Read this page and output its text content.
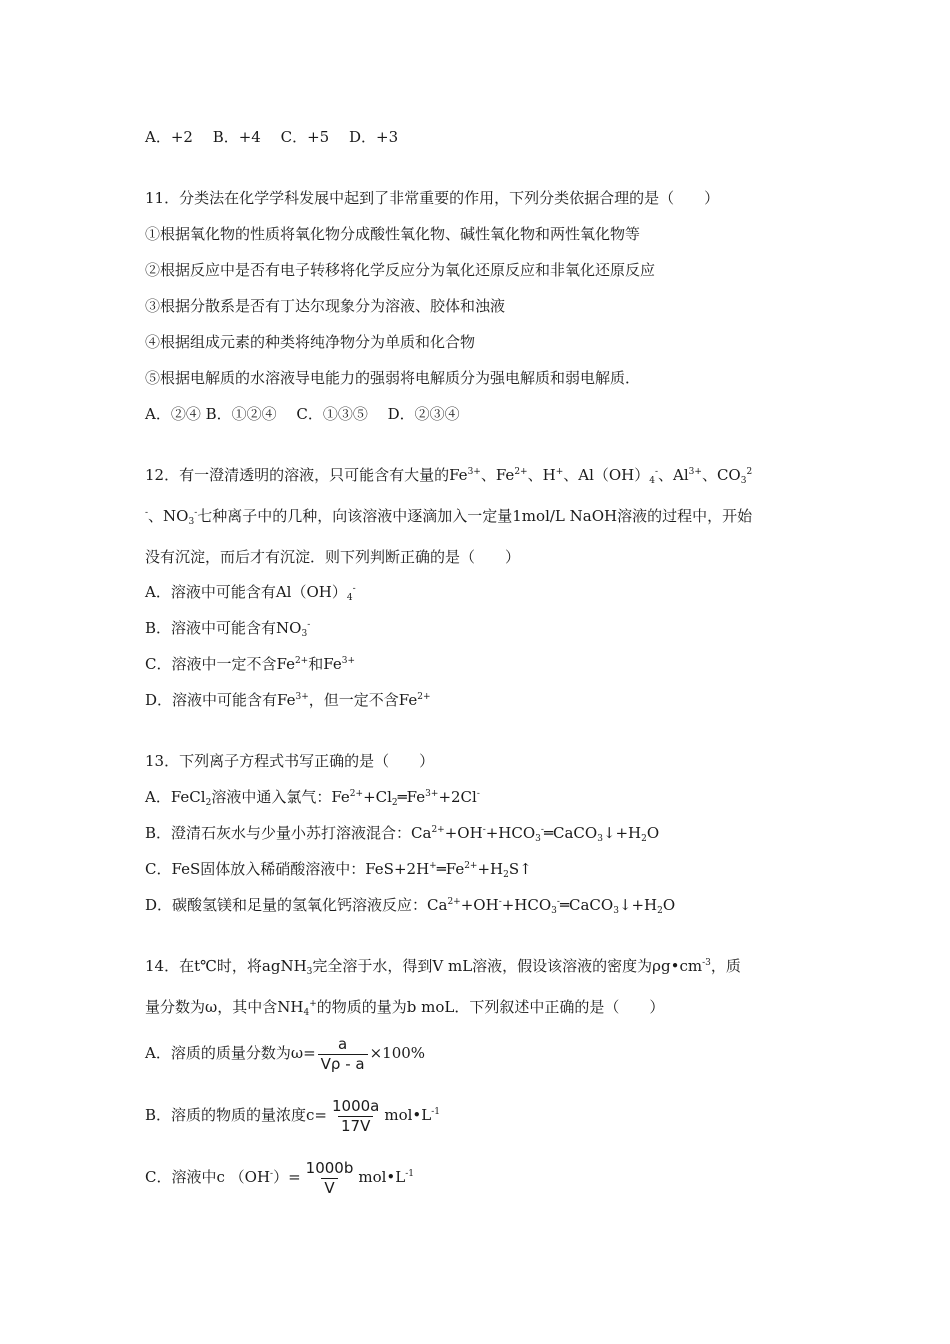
A．+2　 B．+4　 C．+5　 D．+3
11．分类法在化学学科发展中起到了非常重要的作用，下列分类依据合理的是（　　）
①根据氧化物的性质将氧化物分成酸性氧化物、碱性氧化物和两性氧化物等
②根据反应中是否有电子转移将化学反应分为氧化还原反应和非氧化还原反应
③根据分散系是否有丁达尔现象分为溶液、胶体和浊液
④根据组成元素的种类将纯净物分为单质和化合物
⑤根据电解质的水溶液导电能力的强弱将电解质分为强电解质和弱电解质．
A．②④ B．①②④　 C．①③⑤　 D．②③④
12．有一澄清透明的溶液，只可能含有大量的$Fe^{3+}$、$Fe^{2+}$、H+、$Al(OH)_4^-$、$Al^{3+}$、$CO_3^2$
-、$NO_3^-$七种离子中的几种，向该溶液中逐滴加入一定量1mol/L NaOH溶液的过程中，开始
没有沉淀，而后才有沉淀．则下列判断正确的是（　　）
A．溶液中可能含有$Al(OH)_4^-$
B．溶液中可能含有$NO_3^-$
C．溶液中一定不含$Fe^{2+}$和$Fe^{3+}$
D．溶液中可能含有$Fe^{3+}$，但一定不含$Fe^{2+}$
13．下列离子方程式书写正确的是（　　）
A．FeCl$_2$溶液中通入氯气：$Fe^{2+}+Cl_2═Fe^{3+}+2Cl^-$
B．澄清石灰水与少量小苏打溶液混合：$Ca^{2+}+OH^-+HCO_3^-═CaCO_3↓+H_2O$
C．FeS固体放入稀硝酸溶液中：$FeS+2H^+═Fe^{2+}+H_2S↑$
D．碳酸氢镁和足量的氢氧化钙溶液反应：$Ca^{2+}+OH^-+HCO_3^-═CaCO_3↓+H_2O$
14．在t℃时，将agNH$_3$完全溶于水，得到V mL溶液，假设该溶液的密度为$\rho g•cm^{-3}$，质
量分数为ω，其中含$NH_4^+$的物质的量为b moL．下列叙述中正确的是（　　）
A．溶质的质量分数为$\omega= \frac{a}{V\rho - a} \times 100\%$
B．溶质的物质的量浓度$c= \frac{1000a}{17V}$ $mol•L^{-1}$
C．溶液中c $(OH^-)= \frac{1000b}{V}$ $mol•L^{-1}$
